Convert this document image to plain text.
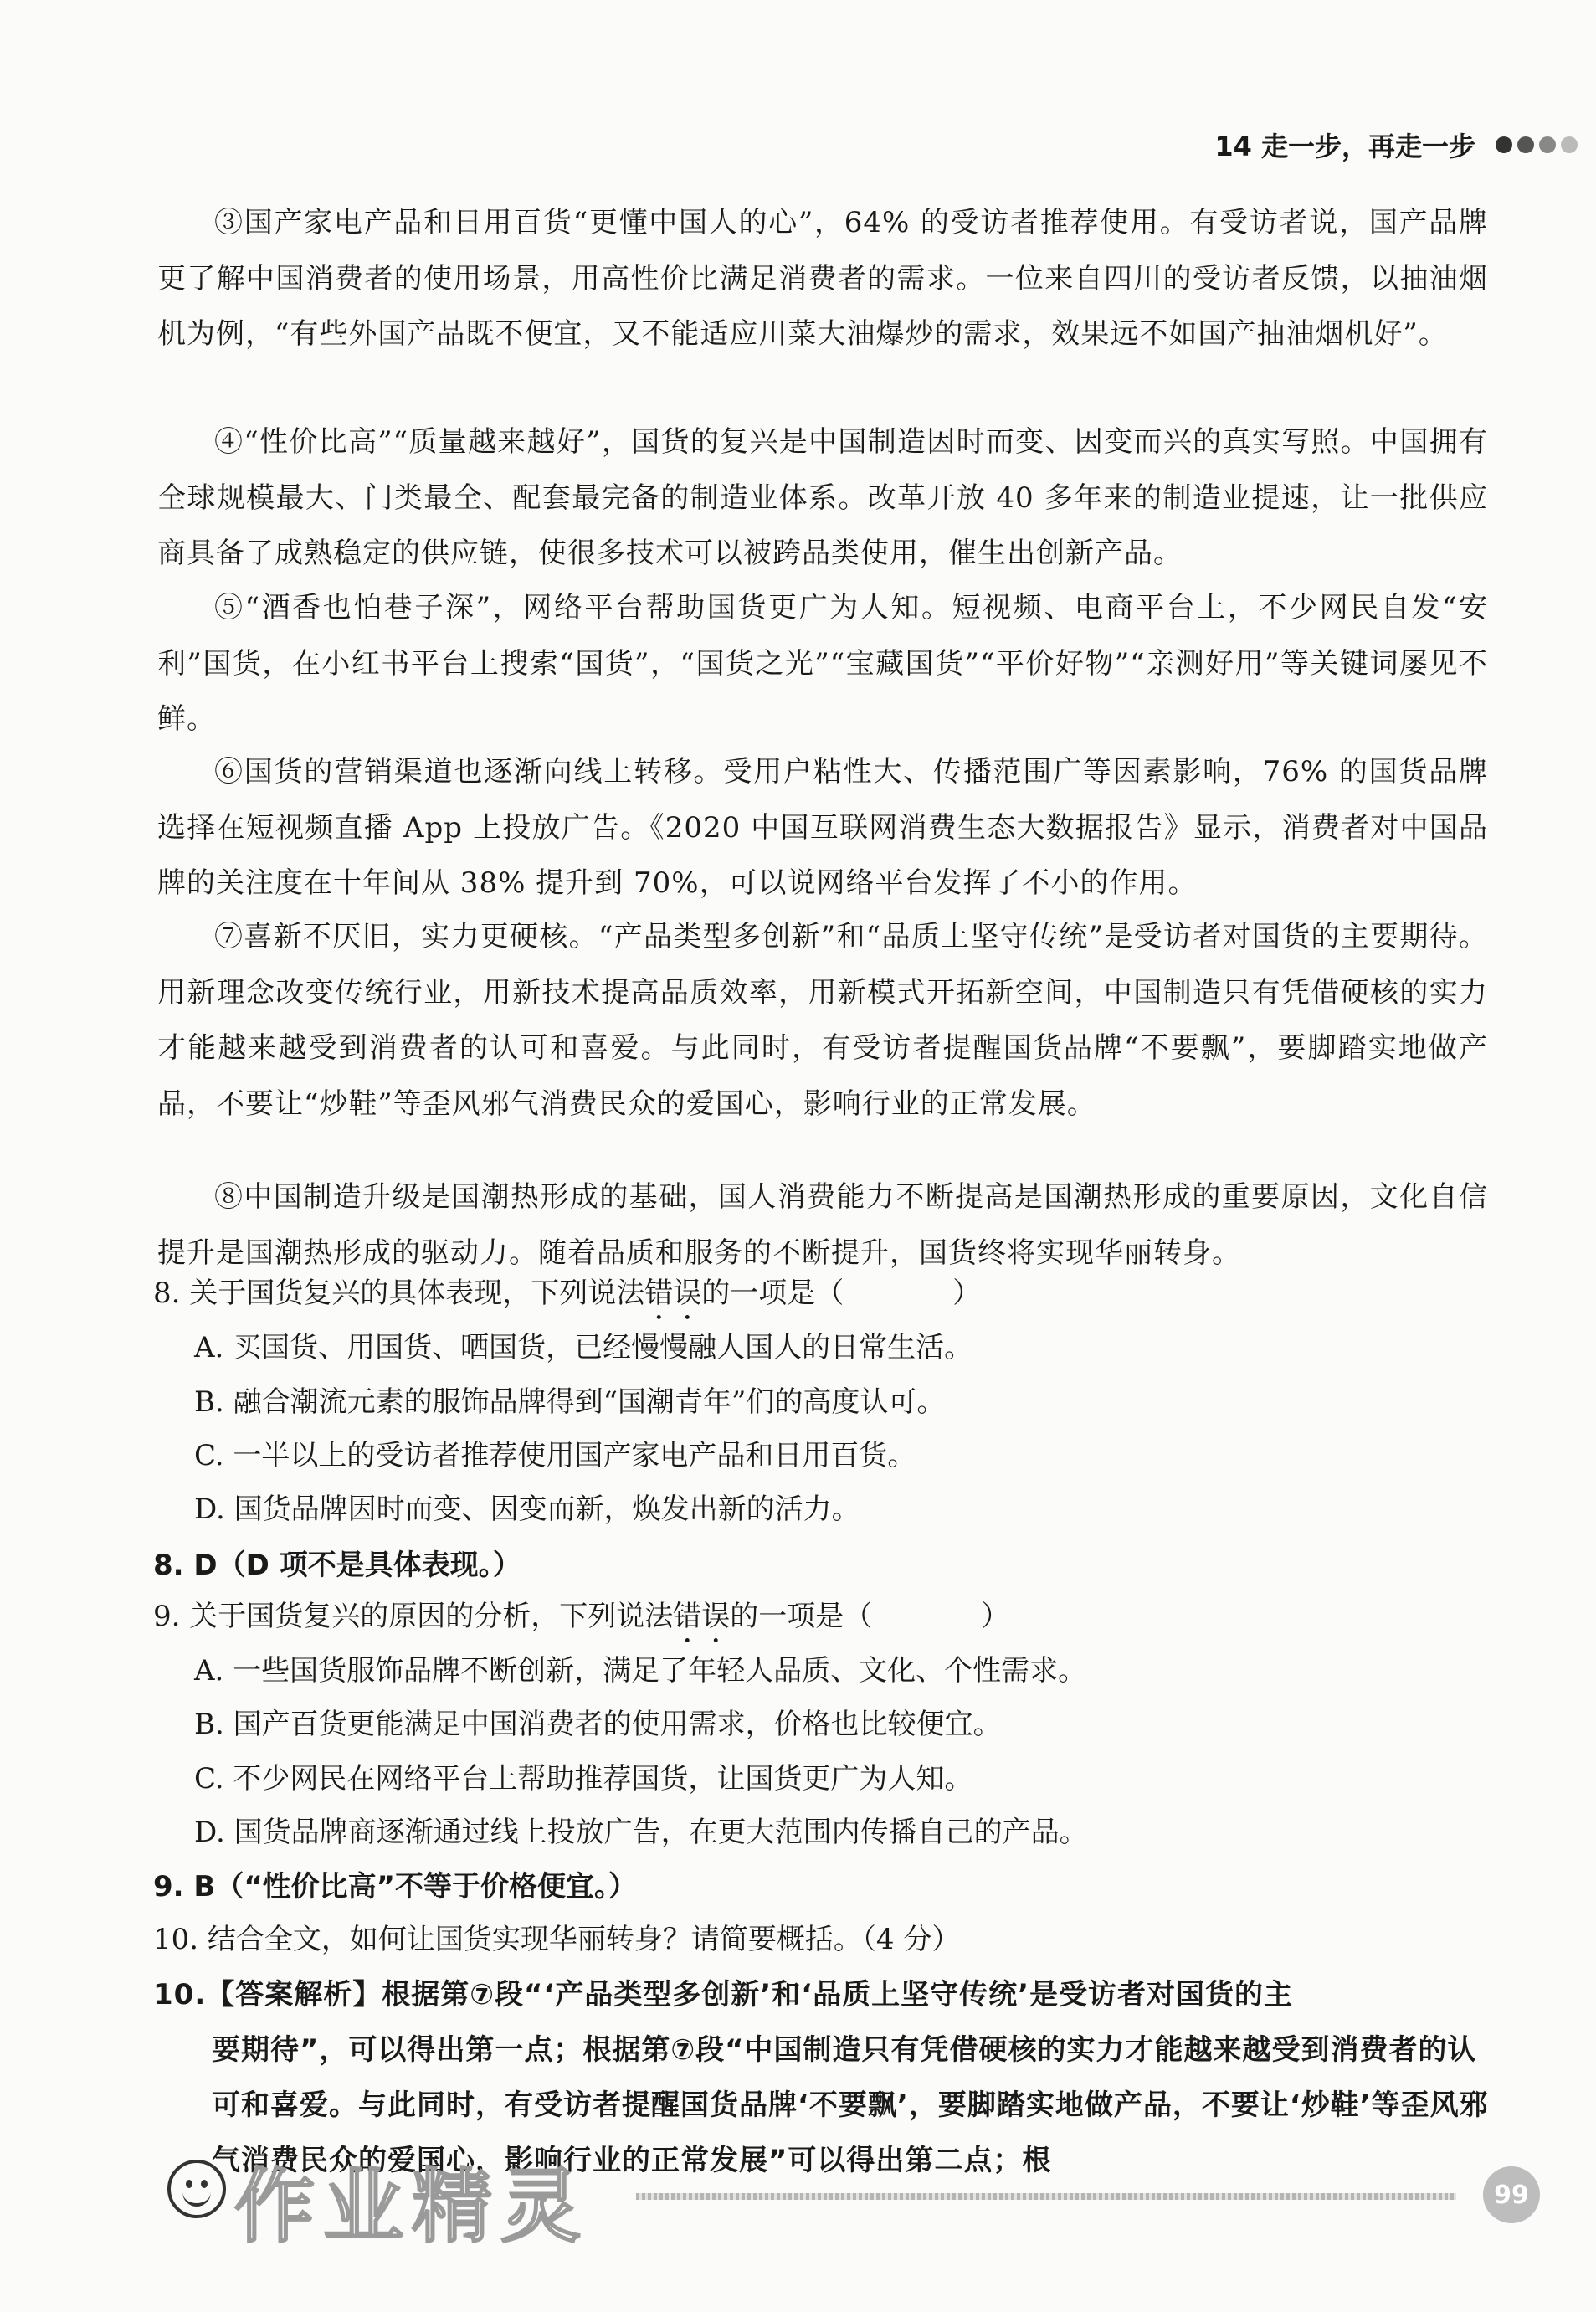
14 走一步，再走一步

③国产家电产品和日用百货“更懂中国人的心”，64% 的受访者推荐使用。有受访者说，国产品牌更了解中国消费者的使用场景，用高性价比满足消费者的需求。一位来自四川的受访者反馈，以抽油烟机为例，“有些外国产品既不便宜，又不能适应川菜大油爆炒的需求，效果远不如国产抽油烟机好”。

④“性价比高”“质量越来越好”，国货的复兴是中国制造因时而变、因变而兴的真实写照。中国拥有全球规模最大、门类最全、配套最完备的制造业体系。改革开放 40 多年来的制造业提速，让一批供应商具备了成熟稳定的供应链，使很多技术可以被跨品类使用，催生出创新产品。

⑤“酒香也怕巷子深”，网络平台帮助国货更广为人知。短视频、电商平台上，不少网民自发“安利”国货，在小红书平台上搜索“国货”，“国货之光”“宝藏国货”“平价好物”“亲测好用”等关键词屡见不鲜。

⑥国货的营销渠道也逐渐向线上转移。受用户粘性大、传播范围广等因素影响，76% 的国货品牌选择在短视频直播 App 上投放广告。《2020 中国互联网消费生态大数据报告》显示，消费者对中国品牌的关注度在十年间从 38% 提升到 70%，可以说网络平台发挥了不小的作用。

⑦喜新不厌旧，实力更硬核。“产品类型多创新”和“品质上坚守传统”是受访者对国货的主要期待。用新理念改变传统行业，用新技术提高品质效率，用新模式开拓新空间，中国制造只有凭借硬核的实力才能越来越受到消费者的认可和喜爱。与此同时，有受访者提醒国货品牌“不要飘”，要脚踏实地做产品，不要让“炒鞋”等歪风邪气消费民众的爱国心，影响行业的正常发展。

⑧中国制造升级是国潮热形成的基础，国人消费能力不断提高是国潮热形成的重要原因，文化自信提升是国潮热形成的驱动力。随着品质和服务的不断提升，国货终将实现华丽转身。

8. 关于国货复兴的具体表现，下列说法错误的一项是（	）

A. 买国货、用国货、晒国货，已经慢慢融人国人的日常生活。

B. 融合潮流元素的服饰品牌得到“国潮青年”们的高度认可。

C. 一半以上的受访者推荐使用国产家电产品和日用百货。

D. 国货品牌因时而变、因变而新，焕发出新的活力。

8. D（D 项不是具体表现。）

9. 关于国货复兴的原因的分析，下列说法错误的一项是（	）

A. 一些国货服饰品牌不断创新，满足了年轻人品质、文化、个性需求。

B. 国产百货更能满足中国消费者的使用需求，价格也比较便宜。

C. 不少网民在网络平台上帮助推荐国货，让国货更广为人知。

D. 国货品牌商逐渐通过线上投放广告，在更大范围内传播自己的产品。

9. B（“性价比高”不等于价格便宜。）

10. 结合全文，如何让国货实现华丽转身？请简要概括。（4 分）

10.【答案解析】根据第⑦段“‘产品类型多创新’和‘品质上坚守传统’是受访者对国货的主
要期待”，可以得出第一点；根据第⑦段“中国制造只有凭借硬核的实力才能越来越受到消费者的认可和喜爱。与此同时，有受访者提醒国货品牌‘不要飘’，要脚踏实地做产品，不要让‘炒鞋’等歪风邪气消费民众的爱国心，影响行业的正常发展”可以得出第二点；根

作业精灵	99
